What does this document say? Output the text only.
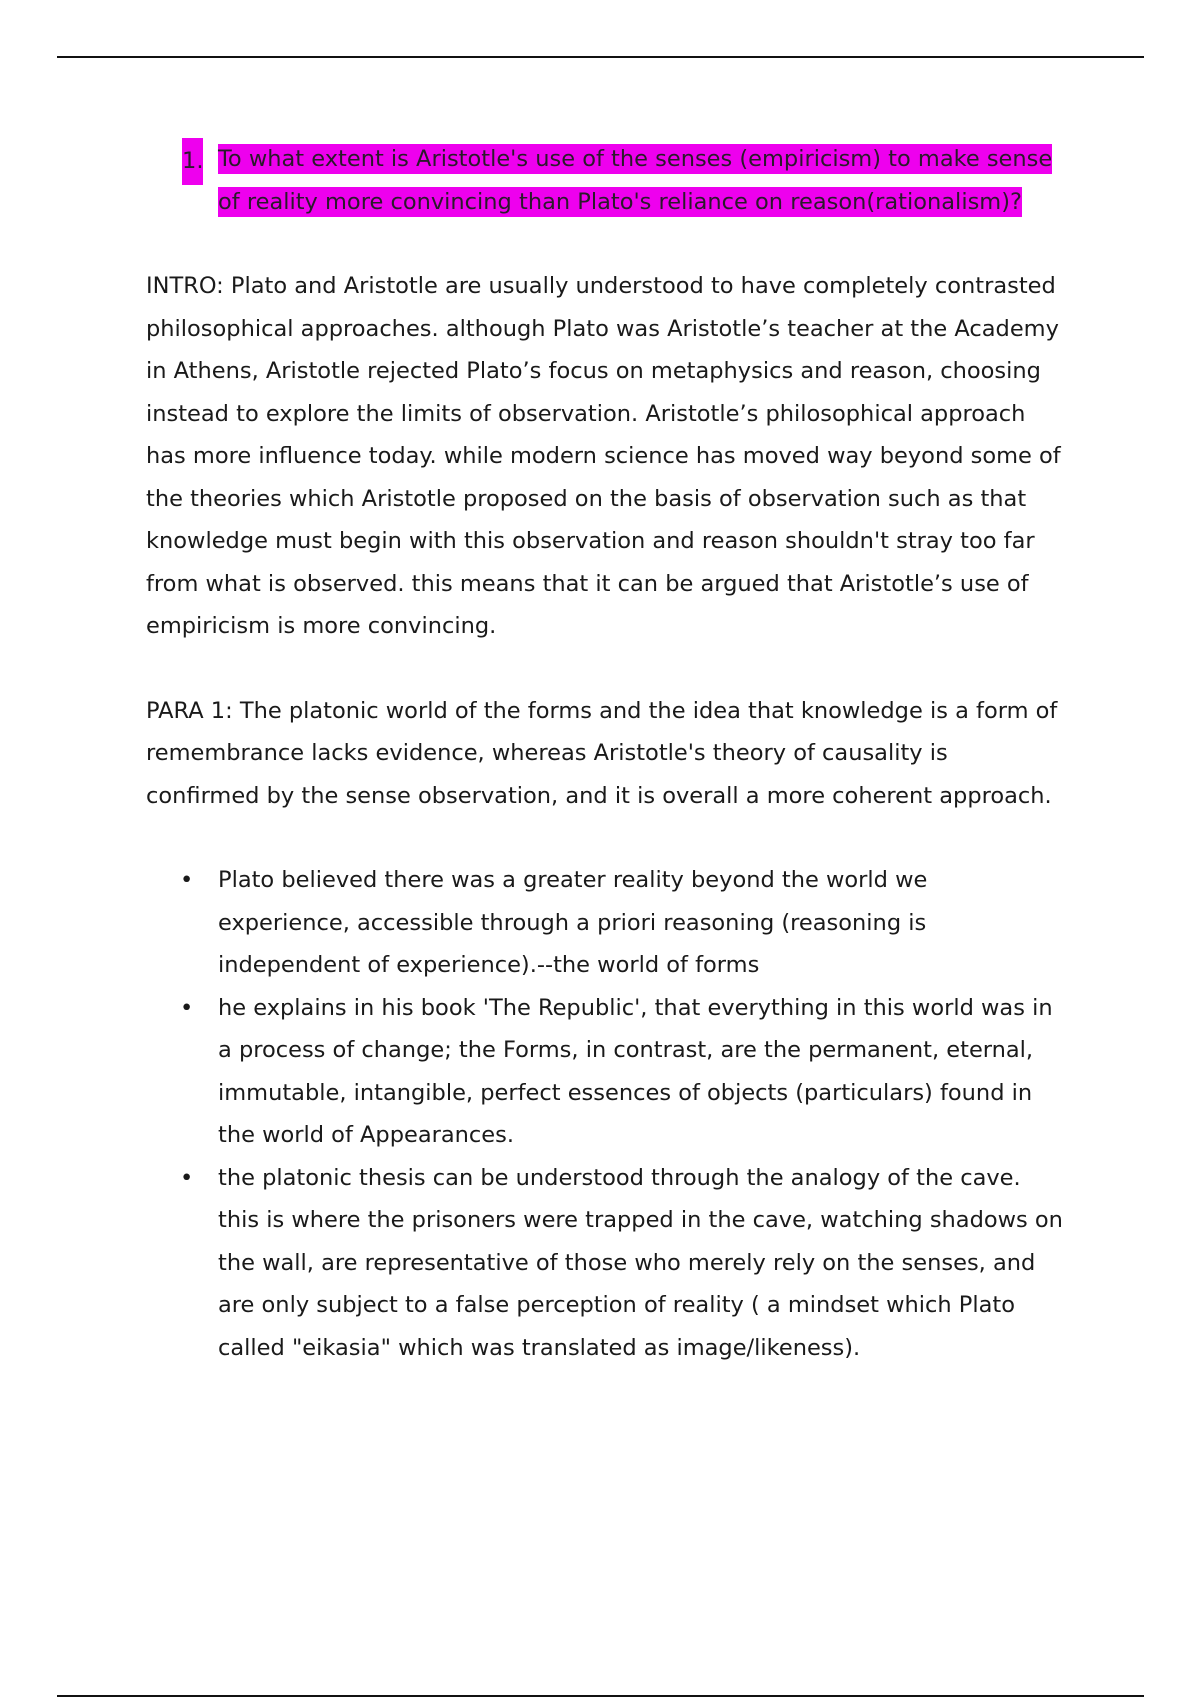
1. To what extent is Aristotle's use of the senses (empiricism) to make sense of reality more convincing than Plato's reliance on reason(rationalism)?

INTRO: Plato and Aristotle are usually understood to have completely contrasted philosophical approaches. although Plato was Aristotle’s teacher at the Academy in Athens, Aristotle rejected Plato’s focus on metaphysics and reason, choosing instead to explore the limits of observation. Aristotle’s philosophical approach has more influence today. while modern science has moved way beyond some of the theories which Aristotle proposed on the basis of observation such as that knowledge must begin with this observation and reason shouldn't stray too far from what is observed. this means that it can be argued that Aristotle’s use of empiricism is more convincing.

PARA 1: The platonic world of the forms and the idea that knowledge is a form of remembrance lacks evidence, whereas Aristotle's theory of causality is confirmed by the sense observation, and it is overall a more coherent approach.

• Plato believed there was a greater reality beyond the world we experience, accessible through a priori reasoning (reasoning is independent of experience).--the world of forms
• he explains in his book 'The Republic', that everything in this world was in a process of change; the Forms, in contrast, are the permanent, eternal, immutable, intangible, perfect essences of objects (particulars) found in the world of Appearances.
• the platonic thesis can be understood through the analogy of the cave. this is where the prisoners were trapped in the cave, watching shadows on the wall, are representative of those who merely rely on the senses, and are only subject to a false perception of reality ( a mindset which Plato called "eikasia" which was translated as image/likeness).
